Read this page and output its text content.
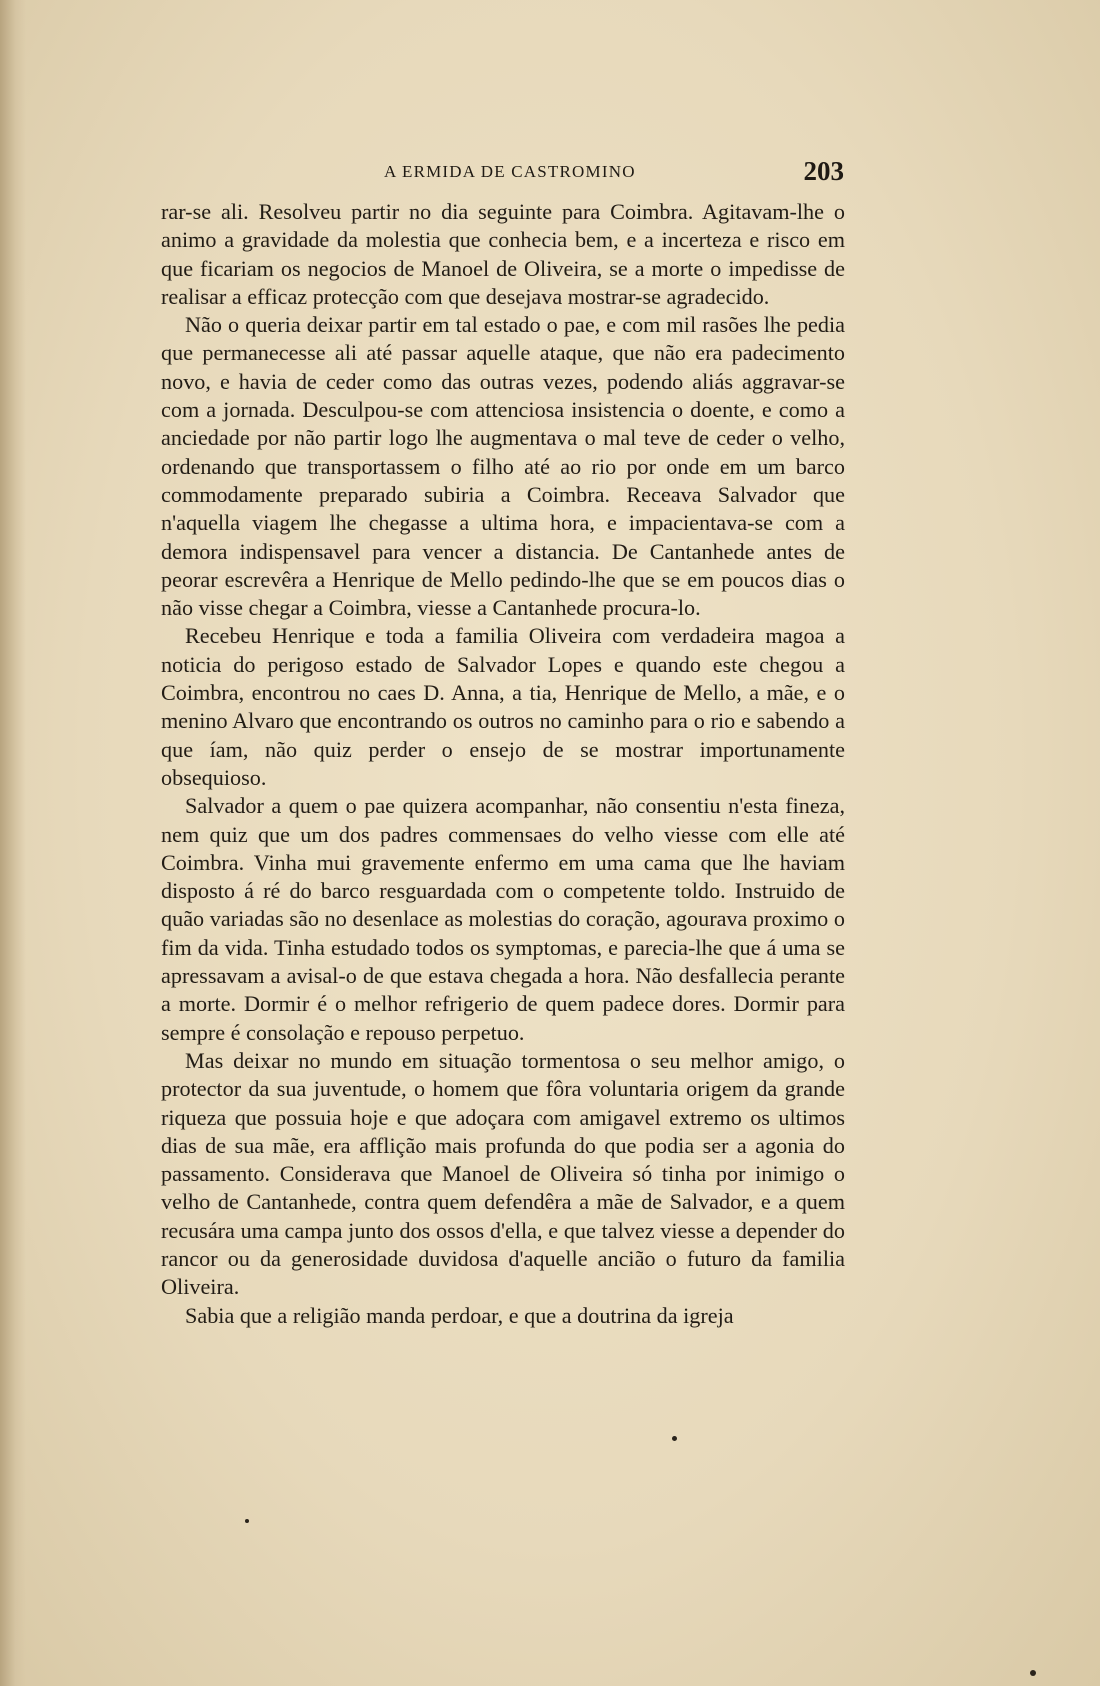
A ERMIDA DE CASTROMINO	203

rar-se ali. Resolveu partir no dia seguinte para Coimbra. Agitavam-lhe o animo a gravidade da molestia que conhecia bem, e a incerteza e risco em que ficariam os negocios de Manoel de Oliveira, se a morte o impedisse de realisar a efficaz protecção com que desejava mostrar-se agradecido.

Não o queria deixar partir em tal estado o pae, e com mil rasões lhe pedia que permanecesse ali até passar aquelle ataque, que não era padecimento novo, e havia de ceder como das outras vezes, podendo aliás aggravar-se com a jornada. Desculpou-se com attenciosa insistencia o doente, e como a anciedade por não partir logo lhe augmentava o mal teve de ceder o velho, ordenando que transportassem o filho até ao rio por onde em um barco commodamente preparado subiria a Coimbra. Receava Salvador que n'aquella viagem lhe chegasse a ultima hora, e impacientava-se com a demora indispensavel para vencer a distancia. De Cantanhede antes de peorar escrevêra a Henrique de Mello pedindo-lhe que se em poucos dias o não visse chegar a Coimbra, viesse a Cantanhede procura-lo.

Recebeu Henrique e toda a familia Oliveira com verdadeira magoa a noticia do perigoso estado de Salvador Lopes e quando este chegou a Coimbra, encontrou no caes D. Anna, a tia, Henrique de Mello, a mãe, e o menino Alvaro que encontrando os outros no caminho para o rio e sabendo a que íam, não quiz perder o ensejo de se mostrar importunamente obsequioso.

Salvador a quem o pae quizera acompanhar, não consentiu n'esta fineza, nem quiz que um dos padres commensaes do velho viesse com elle até Coimbra. Vinha mui gravemente enfermo em uma cama que lhe haviam disposto á ré do barco resguardada com o competente toldo. Instruido de quão variadas são no desenlace as molestias do coração, agourava proximo o fim da vida. Tinha estudado todos os symptomas, e parecia-lhe que á uma se apressavam a avisal-o de que estava chegada a hora. Não desfallecia perante a morte. Dormir é o melhor refrigerio de quem padece dores. Dormir para sempre é consolação e repouso perpetuo.

Mas deixar no mundo em situação tormentosa o seu melhor amigo, o protector da sua juventude, o homem que fôra voluntaria origem da grande riqueza que possuia hoje e que adoçara com amigavel extremo os ultimos dias de sua mãe, era afflição mais profunda do que podia ser a agonia do passamento. Considerava que Manoel de Oliveira só tinha por inimigo o velho de Cantanhede, contra quem defendêra a mãe de Salvador, e a quem recusára uma campa junto dos ossos d'ella, e que talvez viesse a depender do rancor ou da generosidade duvidosa d'aquelle ancião o futuro da familia Oliveira.

Sabia que a religião manda perdoar, e que a doutrina da igreja
